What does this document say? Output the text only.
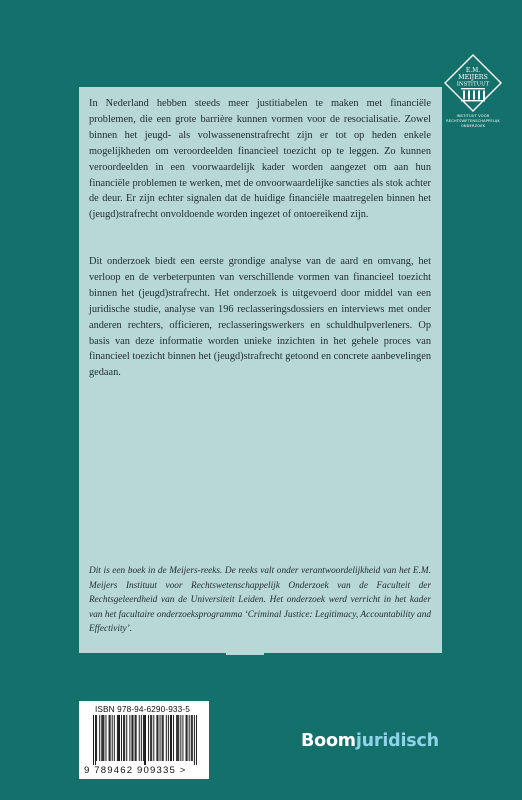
E.M.
MEIJERS
INSTITUUT
INSTITUUT VOOR
RECHTSWETENSCHAPPELIJK
ONDERZOEK

In Nederland hebben steeds meer justitiabelen te maken met financiële problemen, die een grote barrière kunnen vormen voor de resocialisatie. Zowel binnen het jeugd- als volwassenenstrafrecht zijn er tot op heden enkele mogelijkheden om veroordeelden financieel toezicht op te leggen. Zo kunnen veroordeelden in een voorwaardelijk kader worden aangezet om aan hun financiële problemen te werken, met de onvoorwaardelijke sancties als stok achter de deur. Er zijn echter signalen dat de huidige financiële maatregelen binnen het (jeugd)strafrecht onvoldoende worden ingezet of ontoereikend zijn.

Dit onderzoek biedt een eerste grondige analyse van de aard en omvang, het verloop en de verbeterpunten van verschillende vormen van financieel toezicht binnen het (jeugd)strafrecht. Het onderzoek is uitgevoerd door middel van een juridische studie, analyse van 196 reclasseringsdossiers en interviews met onder anderen rechters, officieren, reclasseringswerkers en schuldhulpverleners. Op basis van deze informatie worden unieke inzichten in het gehele proces van financieel toezicht binnen het (jeugd)strafrecht getoond en concrete aanbevelingen gedaan.

Dit is een boek in de Meijers-reeks. De reeks valt onder verantwoordelijkheid van het E.M. Meijers Instituut voor Rechtswetenschappelijk Onderzoek van de Faculteit der Rechtsgeleerdheid van de Universiteit Leiden. Het onderzoek werd verricht in het kader van het facultaire onderzoeksprogramma ‘Criminal Justice: Legitimacy, Accountability and Effectivity’.

ISBN 978-94-6290-933-5
9 789462 909335 >
Boomjuridisch
